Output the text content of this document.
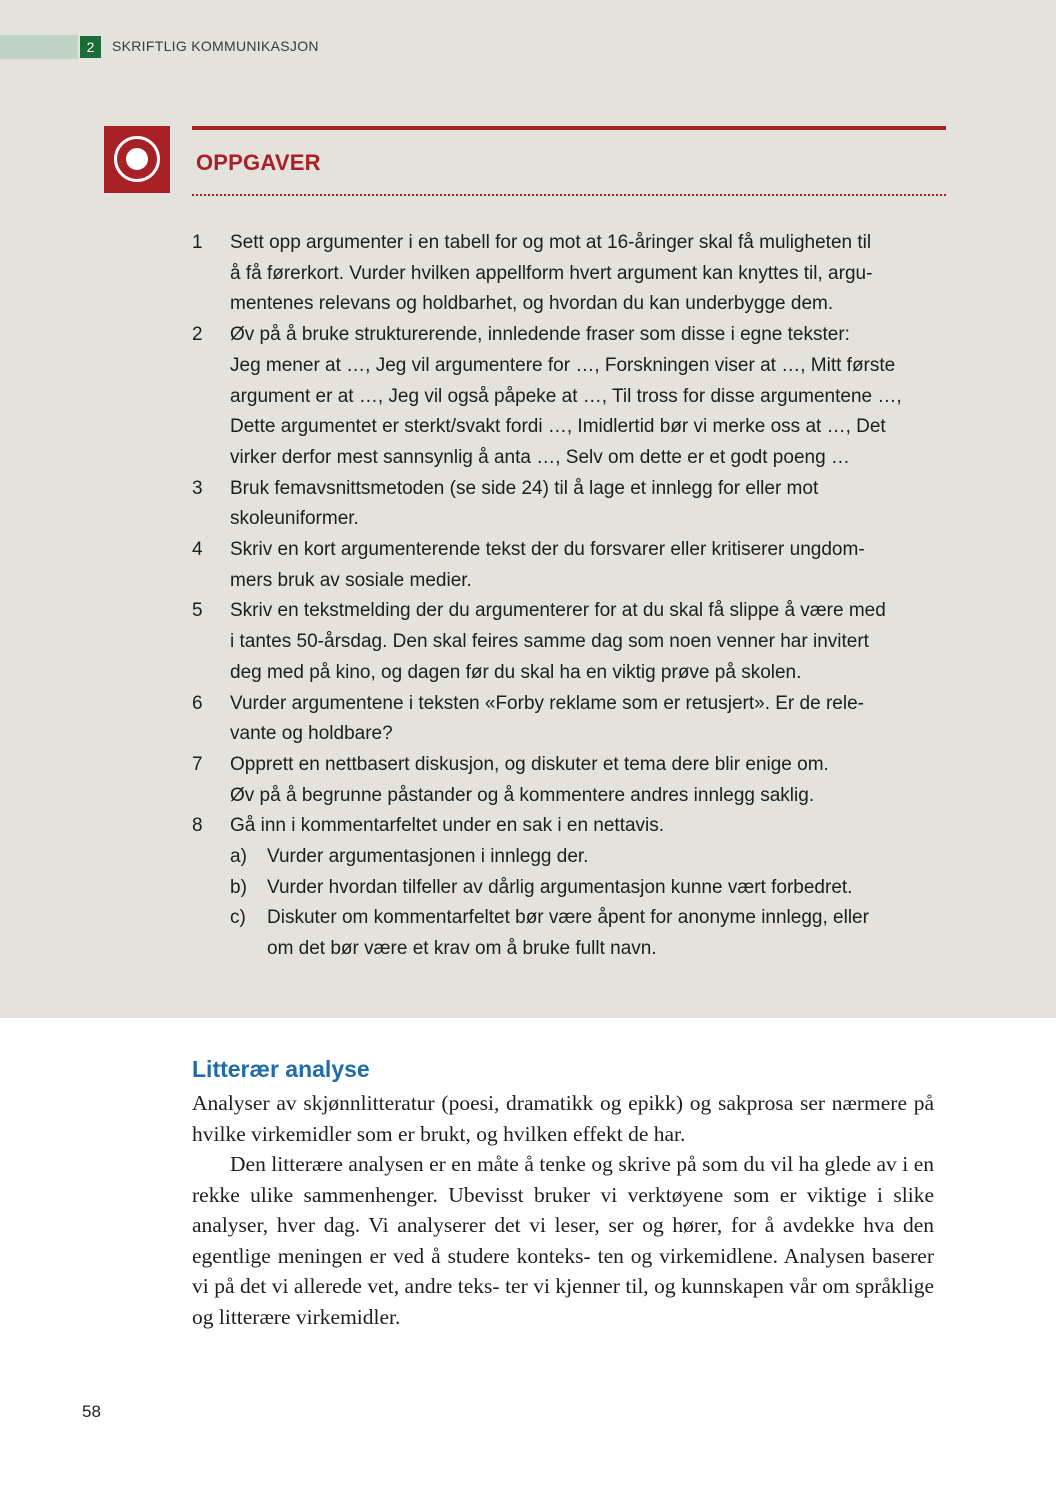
2	SKRIFTLIG KOMMUNIKASJON
OPPGAVER
1 Sett opp argumenter i en tabell for og mot at 16-åringer skal få muligheten til
å få førerkort. Vurder hvilken appellform hvert argument kan knyttes til, argu-
mentenes relevans og holdbarhet, og hvordan du kan underbygge dem.
2 Øv på å bruke strukturerende, innledende fraser som disse i egne tekster:
Jeg mener at …, Jeg vil argumentere for …, Forskningen viser at …, Mitt første
argument er at …, Jeg vil også påpeke at …, Til tross for disse argumentene …,
Dette argumentet er sterkt/svakt fordi …, Imidlertid bør vi merke oss at …, Det
virker derfor mest sannsynlig å anta …, Selv om dette er et godt poeng …
3 Bruk femavsnittsmetoden (se side 24) til å lage et innlegg for eller mot
skoleuniformer.
4 Skriv en kort argumenterende tekst der du forsvarer eller kritiserer ungdom-
mers bruk av sosiale medier.
5 Skriv en tekstmelding der du argumenterer for at du skal få slippe å være med
i tantes 50-årsdag. Den skal feires samme dag som noen venner har invitert
deg med på kino, og dagen før du skal ha en viktig prøve på skolen.
6 Vurder argumentene i teksten «Forby reklame som er retusjert». Er de rele-
vante og holdbare?
7 Opprett en nettbasert diskusjon, og diskuter et tema dere blir enige om.
Øv på å begrunne påstander og å kommentere andres innlegg saklig.
8 Gå inn i kommentarfeltet under en sak i en nettavis.
a) Vurder argumentasjonen i innlegg der.
b) Vurder hvordan tilfeller av dårlig argumentasjon kunne vært forbedret.
c) Diskuter om kommentarfeltet bør være åpent for anonyme innlegg, eller
om det bør være et krav om å bruke fullt navn.
Litterær analyse

Analyser av skjønnlitteratur (poesi, dramatikk og epikk) og sakprosa ser nærmere på hvilke virkemidler som er brukt, og hvilken effekt de har.

Den litterære analysen er en måte å tenke og skrive på som du vil ha glede av i en rekke ulike sammenhenger. Ubevisst bruker vi verktøyene som er viktige i slike analyser, hver dag. Vi analyserer det vi leser, ser og hører, for å avdekke hva den egentlige meningen er ved å studere konteks- ten og virkemidlene. Analysen baserer vi på det vi allerede vet, andre teks- ter vi kjenner til, og kunnskapen vår om språklige og litterære virkemidler.

58
